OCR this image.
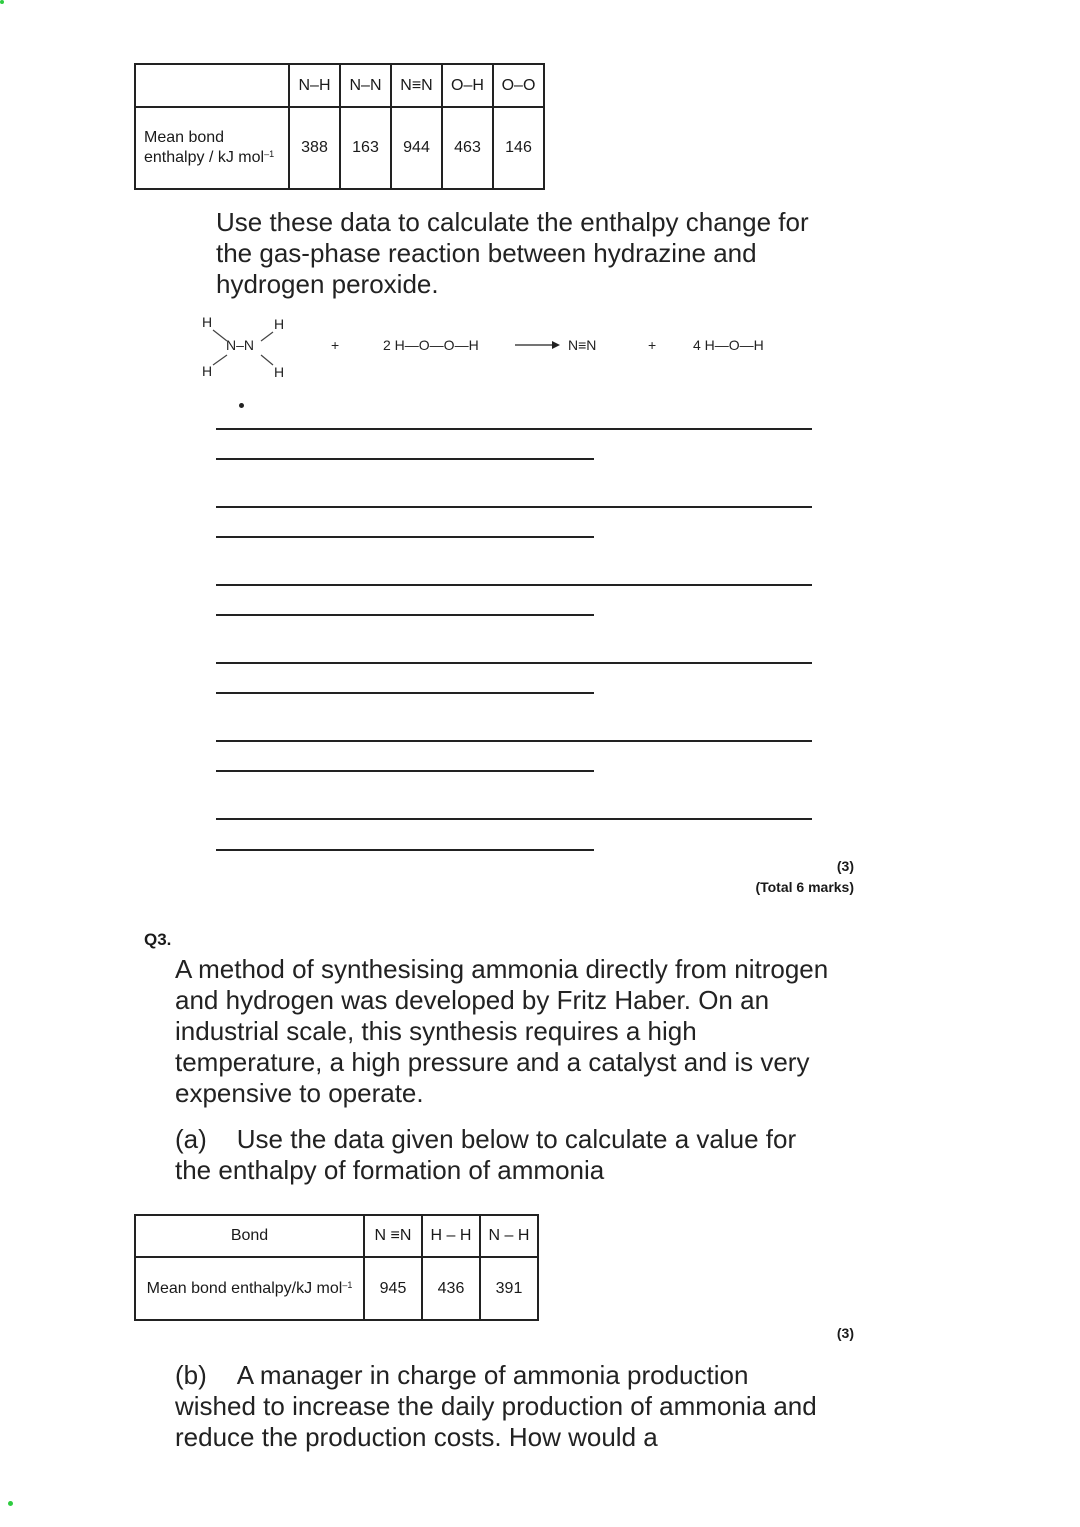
	N–H	N–N	N≡N	O–H	O–O
Mean bond enthalpy / kJ mol$^{-1}$	388	163	944	463	146
Use these data to calculate the enthalpy change for the gas-phase reaction between hydrazine and hydrogen peroxide.
H	H
N–N
H	H
+	2 H—O—O—H	N≡N	+	4 H—O—H
(3)
(Total 6 marks)
Q3.
A method of synthesising ammonia directly from nitrogen and hydrogen was developed by Fritz Haber. On an industrial scale, this synthesis requires a high temperature, a high pressure and a catalyst and is very expensive to operate.
(a) Use the data given below to calculate a value for the enthalpy of formation of ammonia
Bond	N ≡N	H – H	N – H
Mean bond enthalpy/kJ mol$^{-1}$	945	436	391
(3)
(b) A manager in charge of ammonia production wished to increase the daily production of ammonia and reduce the production costs. How would a
